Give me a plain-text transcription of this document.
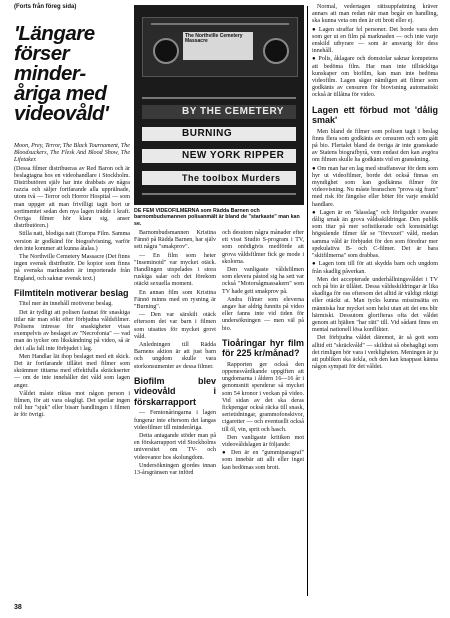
(Forts från föreg sida)
'Längare förser minder-åriga med videovåld'

Moon, Prey, Terror, The Black Tournament, The Bloodsuckers, The Flesk And Blood Show, The Lifetaker.

(Dessa filmer distribueras av Red Baron och är beslagtagna hos en videohandlare i Stockholm. Distributören själv har inte drabbats av några razzia och säljer fortfarande alla upprälnade, utom två — Terror och Horror Hospital — som man uppger att man frivilligt tagit bort ur sortimentet sedan den nya lagen trädde i kraft. Övriga filmer hör klara sig, anser distributören.)

Stilla natt, blodiga natt (Europa Film. Samma version är godkänd för biografvisning, varför den inte kommer att kunna åtalas.)

The Northville Cemetery Massacre (Det finns ingen svensk distributör. De kopior som finns på svenska marknaden är importerade från England, och saknar svensk text.)

Filmtiteln motiverar beslag

Titel mer än innehåll motiverar beslag.

Det är tydligt att polisen fastnat för snaskiga titlar när man sökt efter förbjudna våldsfilmer. Polisens intresse för snaskigheter visas exempelvis av beslaget av "Necrofonia" — vad man än tycker om likskändning på video, så är det i alla fall inte förbjudet i lag.

Men Handlar lät ihop beslaget med ett skick. Det är fortfarande tillåtet med filmer som skrämmer tittarna med effektfulla skräckserier — om de inte innehåller det våld som lagen anger.

Våldet måste riktas mot någon person i filmen, för att vara olagligt. Det speilar ingen roll hur "sjuk" eller bisarr handlingen i filmen är för övrigt.

The Northville Cemetery Massacre
BY THE CEMETERY
BURNING
NEW YORK RIPPER
The toolbox Murders
DE FEM VIDEOFILMERNA som Rädda Barnen och barnombudsmannen polisanmält är bland de "starkaste" man kan se.

Barnombudsmannen Kristina Fännö på Rädda Barnen, har själv sett några "smakprov".

— En film som heter "Inseminoid" var mycket otäck. Handlingen utspelades i stora ruskiga salar och det förekom otäckt sexuella moment.

En annan film som Kristina Fännö minns med en rysning är "Burning".

— Den var särskilt otäck eftersom det var barn i filmen som utsattes för mycket grovt våld.

Anledningen till Rädda Barnens aktion är att just barn och ungdom skulle vara storkonsumenter av dessa filmer.

Biofilm blev videovåld i förskarrapport

— Femtonåringarna i lagen fungerar inte eftersom det langas videofilmer till minderåriga.

Detta antagande stöder man på en förskarrapport vid Stockholms universitet om TV- och videovanor hos skolungdom.

Undersökningen gjordes innan 13-årsgränsen var införd

och desutom några månader efter ett visst Studio S-program i TV, som onödigtvis medförde att grova våldsfilmer fick ge mode i skolorna.

Den vanligaste våldsfilmen som elevera påstod sig ha sett var också "Motorsågmassakern" som TV hade gett smakprov på.

Andra filmer som eleverna angav har aldrig funnits på video eller fanns inte vid tiden för undersökningen — men väl på bio.

Tioåringar hyr film för 225 kr/månad?

Rapporten ger också den oppenesvårdkande uppgiften att ungdomarna i åldern 16—16 år i genomsnitt spenderar så mycket som 54 kronor i veckan på video. Vid sidan av det ska deras fickpengar också räcka till snask, serietidningar, grammofonskivor, cigaretter — och eventuellt också till öl, vin, sprit och hasch.

Den vanligaste kritiken mot videovåldslagen är följande:

● Den är en "gummiparagraf" som innebär att allt eller inget kan bedömas som brott.

Normal, vedertagen rättsuppfattning kräver annars att man redan när man begår en handling, ska kunna veta om den är ett brott eller ej.

● Lagen straffar fel personer. Det borde vara den som ger ut en film på marknaden — och inte varje enskild utbyrare — som är ansvarig för dess innehåll.

● Polis, åklagare och domstolar saknar kompetens att bedöma film. Har man inte tillräckliga kunskaper om biofilm, kan man inte bedöma videofilm. Lagen säger nämligen att filmer som godkänts av censuren för biovisning automatiskt också är tillåtna för video.

Lagen ett förbud mot 'dålig smak'

Men bland de filmer som polisen tagit i beslag finns flera som godkänts av censuren och som gått på bio. Flertalet bland de övriga är inte granskade av Statens biografbyrå, vem endast den kan avgöra om filmen skulle ha godkänts vid en granskning.

● Om man har en lag med straffansvar för dem som hyr ut videofilmer, borde det också finnas en myndighet som kan godkänna filmer för videovisning. Nu måste branschen "prova sig fram" med risk för fängelse eller böter för varje enskild handlare.

● Lagen är en "klasslag" och förligsider svarare dålig smak än grova våldsskildringar. Den publik som titar på mer sofistikerade och konstnärligt högstående filmer får se "förvuxet" våld, medan samma våld är förbjudet för den som föredrar mer spekulativa B- och C-filmer. Det är bara "skitfilmerna" som drabbas.

● Lagen tom till för att skydda barn och ungdom från skadlig påverkan.

Men det accepterade underhållningsvåldet i TV och på bio är tillåtet. Dessa våldsskildringar är lika skadliga för oss eftersom det alltid är väldigt riktigt eller otäckt at. Man tycks kunna missinsätta en människa hur mycket som helst utan att det ens blir härmiskt. Dessutom glorifieras ofta det våldet genom att hjälten "har rätt" till. Vid sådant finns en mental nationell lösa konflikter.

Det förbjudna våldet däremot, är så gott som alltid ett "skräckvåld" — skildrat så obehagligt som det rimligen bör vara i verkligheten. Meningen är ju att publiken ska äckla, och den kan knappast känna någon sympati för det våldet.

38
